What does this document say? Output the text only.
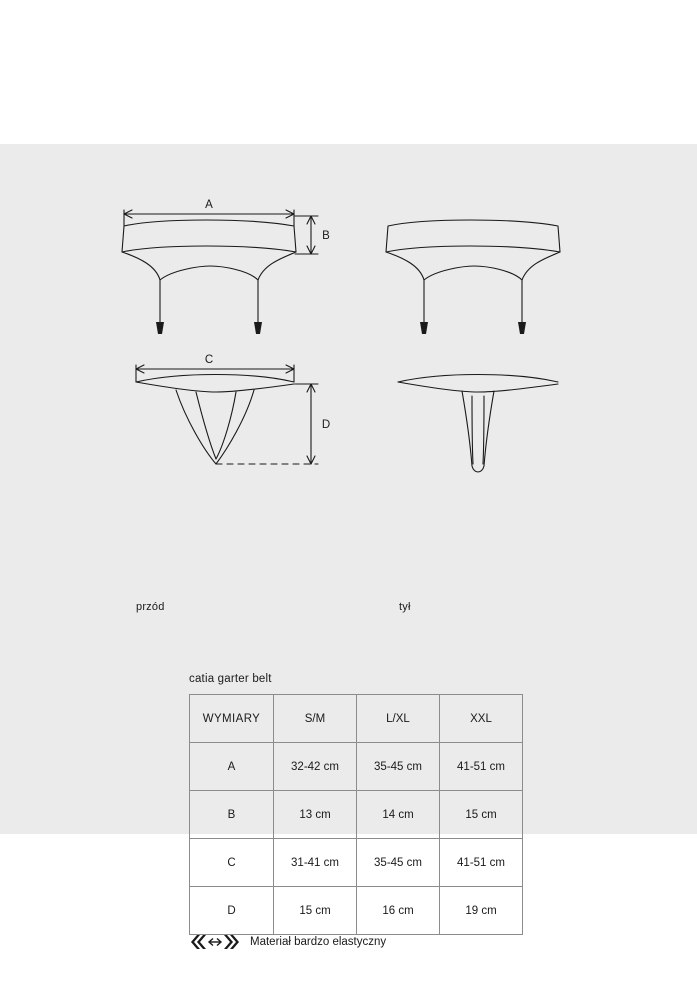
A
B
C
D
przód	tył
catia garter belt
WYMIARY	S/M	L/XL	XXL
A	32-42 cm	35-45 cm	41-51 cm
B	13 cm	14 cm	15 cm
C	31-41 cm	35-45 cm	41-51 cm
D	15 cm	16 cm	19 cm
Materiał bardzo elastyczny
